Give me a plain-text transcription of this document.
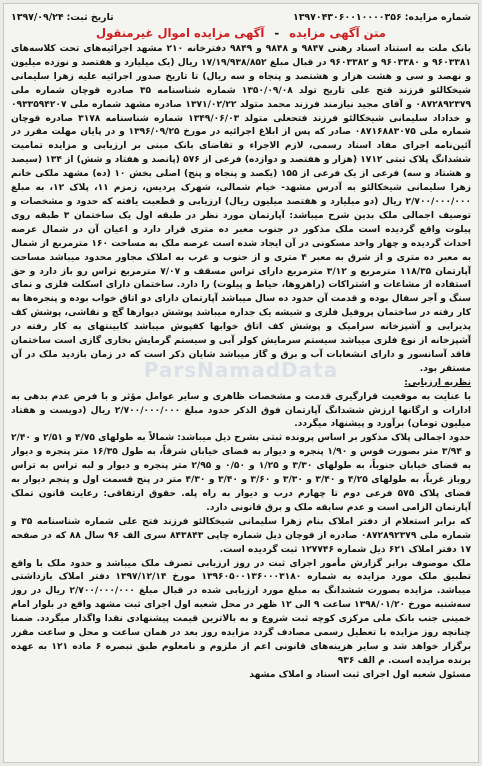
ParsNamadData
شماره مزایده:
۱۳۹۷۰۴۳۰۶۰۰۱۰۰۰۰۳۵۶
تاریخ ثبت:
۱۳۹۷/۰۹/۲۴
متن آگهی مزایده
-
آگهی مزایده اموال غیرمنقول

بانک ملت به استناد اسناد رهنی ۹۸۴۷ و ۹۸۴۸ و ۹۸۴۹ دفترخانه ۲۱۰ مشهد اجرائیه‌های تحت کلاسه‌های ۹۶۰۳۳۸۱ و ۹۶۰۳۳۸۰ و ۹۶۰۳۳۸۲ در قبال مبلغ ۱۷/۱۹/۹۳۸/۸۵۲ ریال (یک میلیارد و هفتصد و نوزده میلیون و نهصد و سی و هشت هزار و هشتصد و پنجاه و سه ریال) تا تاریخ صدور اجرائیه علیه زهرا سلیمانی شیخکالئو فرزند قتح علی تاریخ تولد ۱۳۵۰/۰۹/۰۸ شماره شناسنامه ۳۵ صادره قوچان شماره ملی ۰۸۷۲۸۹۲۳۷۹ و آقای مجید نیازمند فرزند محمد متولد ۱۳۷۱/۰۲/۲۲ صادره مشهد شماره ملی ۰۹۳۳۵۹۴۲۰۷ و خداداد سلیمانی شیخکالئو فرزند فتحعلی متولد ۱۳۴۹/۰۶/۰۳ شماره شناسنامه ۳۱۷۸ صادره قوچان شماره ملی ۰۸۷۱۶۸۸۳۰۷۵ صادر که پس از ابلاغ اجرائیه در مورخ ۱۳۹۶/۰۹/۲۵ و در پایان مهلت مقرر در آئین‌نامه اجرای مفاد اسناد رسمی، لازم الاجراء و تقاضای بانک مبنی بر ارزیابی و مزایده تمامیت ششدانگ پلاک ثبتی ۱۷۱۲ (هزار و هفتصد و دوازده) فرعی از ۵۷۶ (پانصد و هفتاد و شش) از ۱۳۴ (سیصد و هشتاد و سه) فرعی از یک فرعی از ۱۵۵ (یکصد و پنجاه و پنج) اصلی بخش ۱۰ (ده) مشهد ملکی خانم زهرا سلیمانی شیخکالئو به آدرس مشهد- خیام شمالی، شهرک پردیس، زمزم ۱۱، پلاک ۱۲، به مبلغ ۲/۷۰۰/۰۰۰/۰۰۰ ریال (دو میلیارد و هفتصد میلیون ریال) ارزیابی و قطعیت یافته که حدود و مشخصات و توصیف اجمالی ملک بدین شرح میباشد: آپارتمان مورد نظر در طبقه اول یک ساختمان ۳ طبقه روی پیلوت واقع گردیده است ملک مذکور در جنوب معبر ده متری قرار دارد و اعیان آن در شمال عرصه احداث گردیده و چهار واحد مسکونی در آن ایجاد شده است عرصه ملک به مساحت ۱۶۰ مترمربع از شمال به معبر ده متری و از شرق به معبر ۴ متری و از جنوب و غرب به املاک مجاور محدود میباشد مساحت آپارتمان ۱۱۸/۳۵ مترمربع و ۳/۱۲ مترمربع دارای تراس مسقف و ۷/۰۷ مترمربع تراس رو باز دارد و حق استفاده از مشاعات و اشتراکات (راهروها، حیاط و پیلوت) را دارد. ساختمان دارای اسکلت فلزی و نمای سنگ و آجر سفال بوده و قدمت آن حدود ده سال میباشد آپارتمان دارای دو اتاق خواب بوده و پنجره‌ها به کار رفته در ساختمان پروفیل فلزی و شیشه یک جداره میباشد پوشش دیوارها گچ و نقاشی، پوشش کف پذیرایی و آشپزخانه سرامیک و پوشش کف اتاق خوابها کفپوش میباشد کابینتهای به کار رفته در آشپزخانه از نوع فلزی میباشد سیستم سرمایش کولر آبی و سیستم گرمایش بخاری گازی است ساختمان فاقد آسانسور و دارای انشعابات آب و برق و گاز میباشد شایان ذکر است که در زمان بازدید ملک در آن مستقر بود.

نظریه ارزیابی:

با عنایت به موقعیت قرارگیری قدمت و مشخصات ظاهری و سایر عوامل مؤثر و با فرض عدم بدهی به ادارات و ارگانها ارزش ششدانگ آپارتمان فوق الذکر حدود مبلغ ۲/۷۰۰/۰۰۰/۰۰۰ ریال (دویست و هفتاد میلیون تومان) برآورد و پیشنهاد میگردد.

حدود اجمالی پلاک مذکور بر اساس پرونده ثبتی بشرح ذیل میباشد: شمالاً به طولهای ۴/۷۵ و ۲/۵۱ و ۲/۴۰ و ۳/۹۴ متر بصورت قوس و ۱/۹۰ پنجره و دیوار به فضای خیابان شرقاً، به طول ۱۶/۳۵ متر پنجره و دیوار به فضای خیابان جنوباً، به طولهای ۳/۳۰ و ۱/۲۵ و ۰/۵۰ و ۲/۹۵ متر پنجره و دیوار و لبه تراس به تراس روباز غرباً، به طولهای ۴/۲۵ و ۳/۴۰ و ۳/۳۰ و ۳/۶۰ و ۳/۴۰ و ۴/۳۰ متر در پنج قسمت اول و پنجم دیوار به فضای پلاک ۵۷۵ فرعی دوم تا چهارم درب و دیوار به راه پله. حقوق ارتفاقی: رعایت قانون تملک آپارتمان الزامی است و عدم سابقه ملک و برق قانونی دارد.

که برابر استعلام از دفتر املاک بنام زهرا سلیمانی شیخکالئو فرزند فتح علی شماره شناسنامه ۳۵ و شماره ملی ۰۸۷۲۸۹۲۳۷۹ صادره از قوچان ذیل شماره چاپی ۸۴۳۸۴۳ سری الف ۹۶ سال ۸۸ که در صفحه ۱۷ دفتر املاک ۶۲۱ ذیل شماره ۱۲۷۷۴۶ ثبت گردیده است.

ملک موصوف برابر گزارش مأمور اجرای ثبت در روز ارزیابی تصرف ملک میباشد و حدود ملک با واقع تطبیق ملک مورد مزایده به شماره ۱۳۹۶۰۵۰۰۱۳۶۰۰۰۳۱۸۰ مورخ ۱۳۹۷/۱۲/۱۴ دفتر املاک بازداشتی میباشد. مزایده بصورت ششدانگ به مبلغ مورد ارزیابی شده در قبال مبلغ ۲/۷۰۰/۰۰۰/۰۰۰ ریال در روز سه‌شنبه مورخ ۱۳۹۸/۰۱/۲۰ ساعت ۹ الی ۱۲ ظهر در محل شعبه اول اجرای ثبت مشهد واقع در بلوار امام خمینی جنب بانک ملی مرکزی کوچه ثبت شروع و به بالاترین قیمت پیشنهادی نقدا واگذار میگردد. ضمنا چنانچه روز مزایده با تعطیل رسمی مصادف گردد مزایده روز بعد در همان ساعت و محل و ساعت مقرر برگزار خواهد شد و سایر هزینه‌های قانونی اعم از ملزوم و نامعلوم طبق تبصره ۶ ماده ۱۲۱ به عهده برنده مزایده است. م الف ۹۳۶

مسئول شعبه اول اجرای ثبت اسناد و املاک مشهد
